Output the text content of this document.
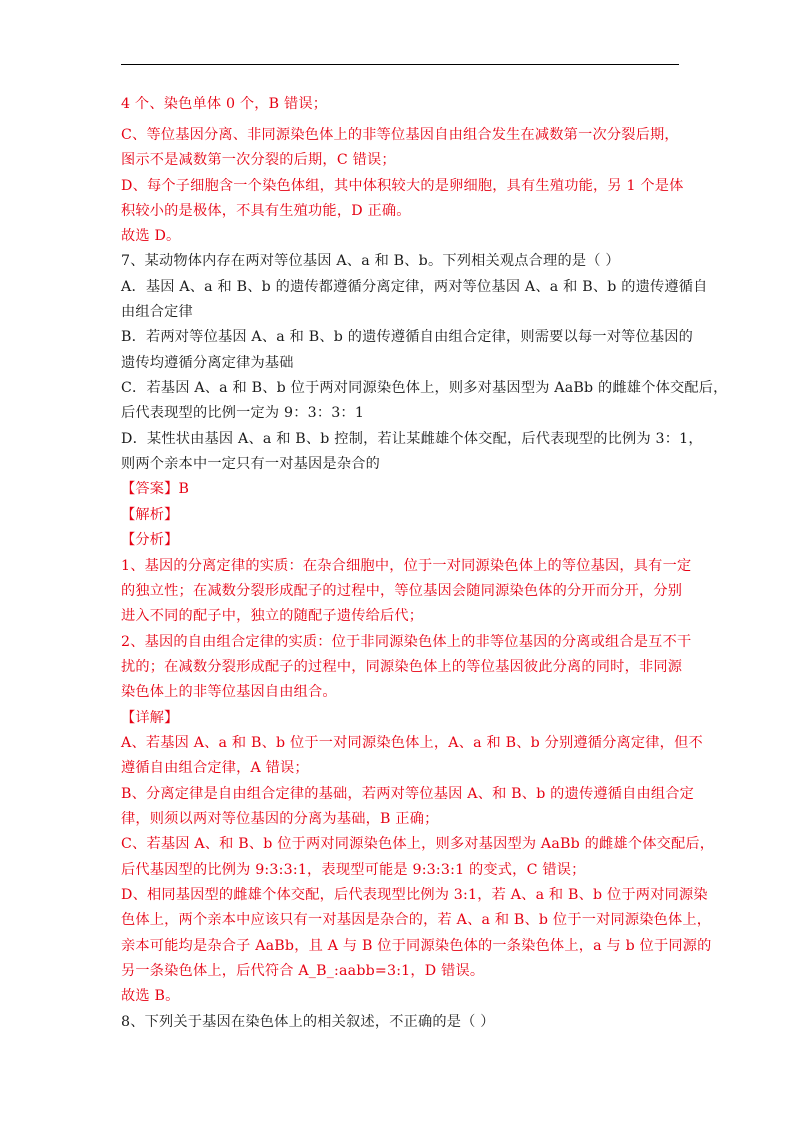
4 个、染色单体 0 个，B 错误；

C、等位基因分离、非同源染色体上的非等位基因自由组合发生在减数第一次分裂后期，

图示不是减数第一次分裂的后期，C 错误；

D、每个子细胞含一个染色体组，其中体积较大的是卵细胞，具有生殖功能，另 1 个是体

积较小的是极体，不具有生殖功能，D 正确。

故选 D。

7、某动物体内存在两对等位基因 A、a 和 B、b。下列相关观点合理的是（ ）

A．基因 A、a 和 B、b 的遗传都遵循分离定律，两对等位基因 A、a 和 B、b 的遗传遵循自

由组合定律

B．若两对等位基因 A、a 和 B、b 的遗传遵循自由组合定律，则需要以每一对等位基因的

遗传均遵循分离定律为基础

C．若基因 A、a 和 B、b 位于两对同源染色体上，则多对基因型为 AaBb 的雌雄个体交配后，

后代表现型的比例一定为 9：3：3：1

D．某性状由基因 A、a 和 B、b 控制，若让某雌雄个体交配，后代表现型的比例为 3：1，

则两个亲本中一定只有一对基因是杂合的

【答案】B

【解析】

【分析】

1、基因的分离定律的实质：在杂合细胞中，位于一对同源染色体上的等位基因，具有一定

的独立性；在减数分裂形成配子的过程中，等位基因会随同源染色体的分开而分开，分别

进入不同的配子中，独立的随配子遗传给后代；

2、基因的自由组合定律的实质：位于非同源染色体上的非等位基因的分离或组合是互不干

扰的；在减数分裂形成配子的过程中，同源染色体上的等位基因彼此分离的同时，非同源

染色体上的非等位基因自由组合。

【详解】

A、若基因 A、a 和 B、b 位于一对同源染色体上，A、a 和 B、b 分别遵循分离定律，但不

遵循自由组合定律，A 错误；

B、分离定律是自由组合定律的基础，若两对等位基因 A、和 B、b 的遗传遵循自由组合定

律，则须以两对等位基因的分离为基础，B 正确；

C、若基因 A、和 B、b 位于两对同源染色体上，则多对基因型为 AaBb 的雌雄个体交配后，

后代基因型的比例为 9:3:3:1，表现型可能是 9:3:3:1 的变式，C 错误；

D、相同基因型的雌雄个体交配，后代表现型比例为 3:1，若 A、a 和 B、b 位于两对同源染

色体上，两个亲本中应该只有一对基因是杂合的，若 A、a 和 B、b 位于一对同源染色体上，

亲本可能均是杂合子 AaBb，且 A 与 B 位于同源染色体的一条染色体上，a 与 b 位于同源的

另一条染色体上，后代符合 A_B_:aabb=3:1，D 错误。

故选 B。

8、下列关于基因在染色体上的相关叙述，不正确的是（ ）
